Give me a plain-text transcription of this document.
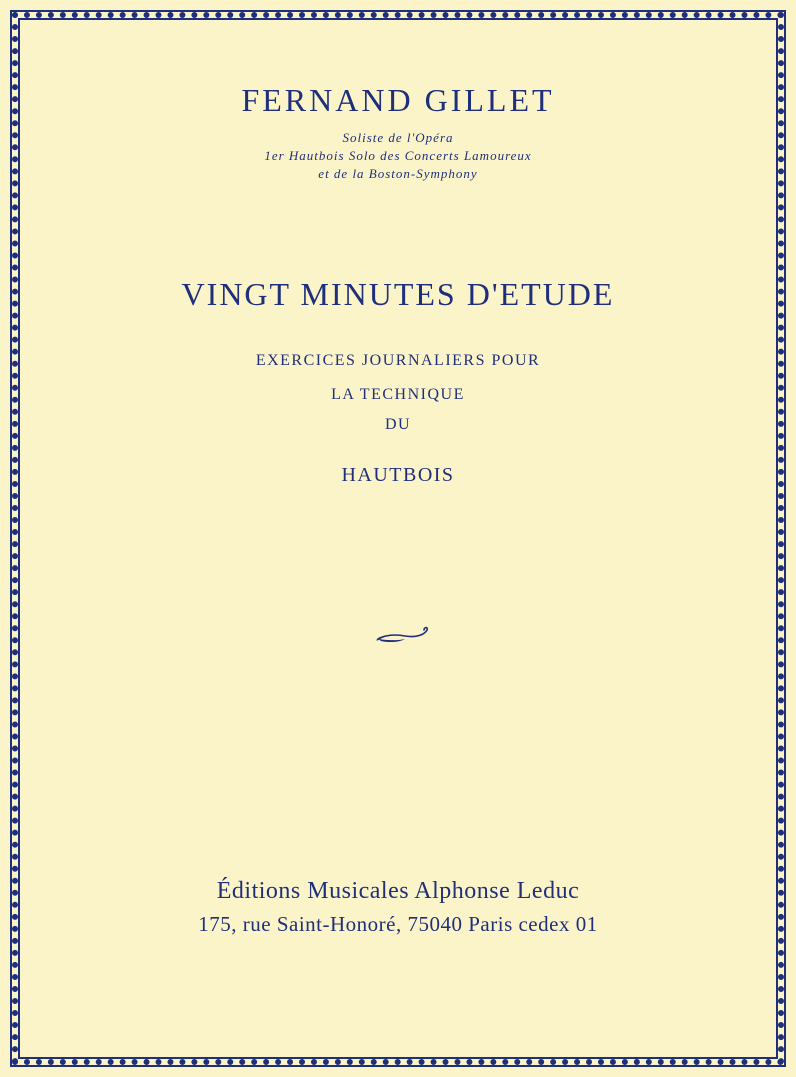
FERNAND GILLET
Soliste de l'Opéra
1er Hautbois Solo des Concerts Lamoureux
et de la Boston-Symphony
VINGT MINUTES D'ETUDE
EXERCICES JOURNALIERS POUR
LA TECHNIQUE
DU
HAUTBOIS
Éditions Musicales Alphonse Leduc
175, rue Saint-Honoré, 75040 Paris cedex 01
